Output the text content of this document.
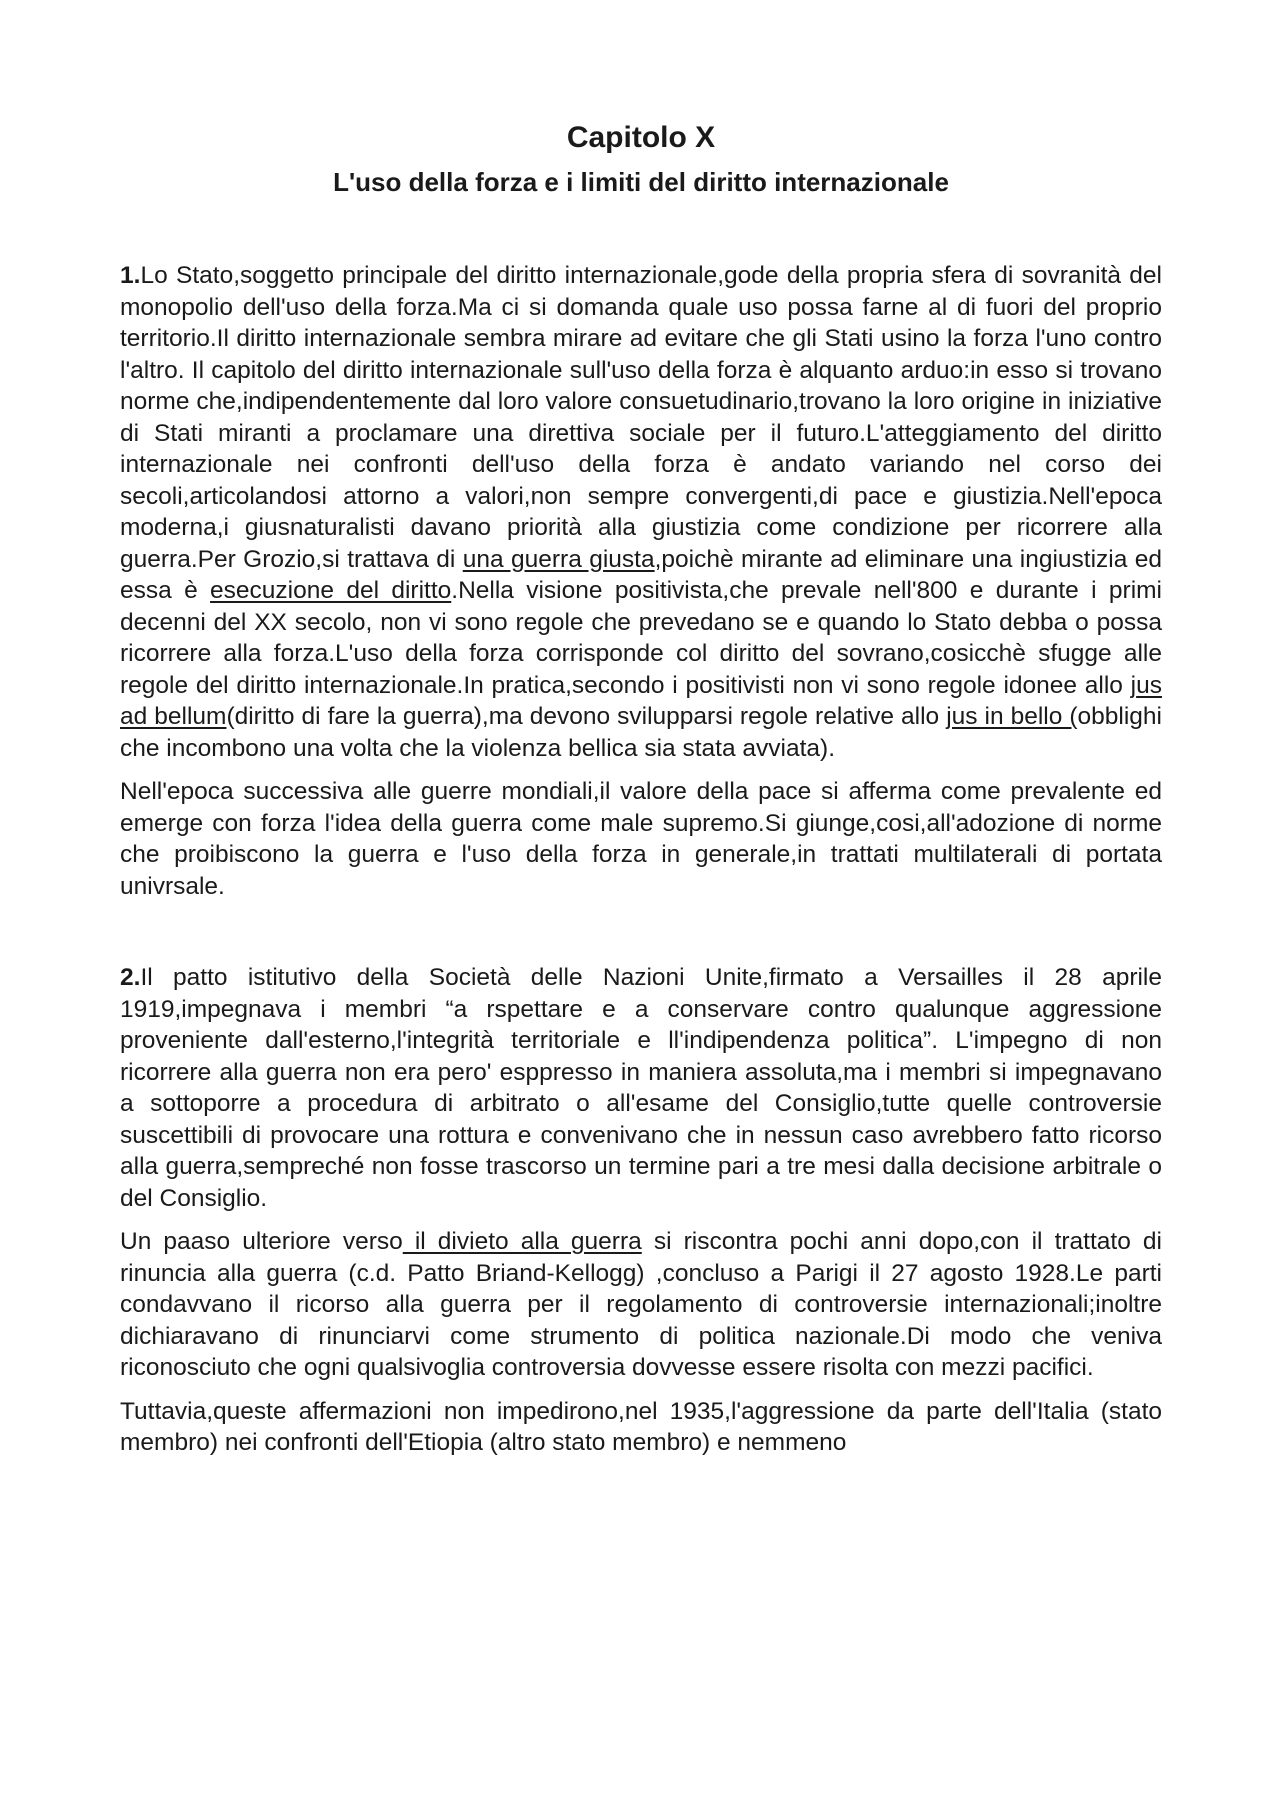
Capitolo X
L'uso della forza e i limiti del diritto internazionale

1.Lo Stato,soggetto principale del diritto internazionale,gode della propria sfera di sovranità del monopolio dell'uso della forza.Ma ci si domanda quale uso possa farne al di fuori del proprio territorio.Il diritto internazionale sembra mirare ad evitare che gli Stati usino la forza l'uno contro l'altro. Il capitolo del diritto internazionale sull'uso della forza è alquanto arduo:in esso si trovano norme che,indipendentemente dal loro valore consuetudinario,trovano la loro origine in iniziative di Stati miranti a proclamare una direttiva sociale per il futuro.L'atteggiamento del diritto internazionale nei confronti dell'uso della forza è andato variando nel corso dei secoli,articolandosi attorno a valori,non sempre convergenti,di pace e giustizia.Nell'epoca moderna,i giusnaturalisti davano priorità alla giustizia come condizione per ricorrere alla guerra.Per Grozio,si trattava di una guerra giusta,poichè mirante ad eliminare una ingiustizia ed essa è esecuzione del diritto.Nella visione positivista,che prevale nell'800 e durante i primi decenni del XX secolo, non vi sono regole che prevedano se e quando lo Stato debba o possa ricorrere alla forza.L'uso della forza corrisponde col diritto del sovrano,cosicchè sfugge alle regole del diritto internazionale.In pratica,secondo i positivisti non vi sono regole idonee allo jus ad bellum(diritto di fare la guerra),ma devono svilupparsi regole relative allo jus in bello (obblighi che incombono una volta che la violenza bellica sia stata avviata).

Nell'epoca successiva alle guerre mondiali,il valore della pace si afferma come prevalente ed emerge con forza l'idea della guerra come male supremo.Si giunge,cosi,all'adozione di norme che proibiscono la guerra e l'uso della forza in generale,in trattati multilaterali di portata univrsale.

2.Il patto istitutivo della Società delle Nazioni Unite,firmato a Versailles il 28 aprile 1919,impegnava i membri “a rspettare e a conservare contro qualunque aggressione proveniente dall'esterno,l'integrità territoriale e ll'indipendenza politica”. L'impegno di non ricorrere alla guerra non era pero' esppresso in maniera assoluta,ma i membri si impegnavano a sottoporre a procedura di arbitrato o all'esame del Consiglio,tutte quelle controversie suscettibili di provocare una rottura e convenivano che in nessun caso avrebbero fatto ricorso alla guerra,sempreché non fosse trascorso un termine pari a tre mesi dalla decisione arbitrale o del Consiglio.

Un paaso ulteriore verso il divieto alla guerra si riscontra pochi anni dopo,con il trattato di rinuncia alla guerra (c.d. Patto Briand-Kellogg) ,concluso a Parigi il 27 agosto 1928.Le parti condavvano il ricorso alla guerra per il regolamento di controversie internazionali;inoltre dichiaravano di rinunciarvi come strumento di politica nazionale.Di modo che veniva riconosciuto che ogni qualsivoglia controversia dovvesse essere risolta con mezzi pacifici.

Tuttavia,queste affermazioni non impedirono,nel 1935,l'aggressione da parte dell'Italia (stato membro) nei confronti dell'Etiopia (altro stato membro) e nemmeno
